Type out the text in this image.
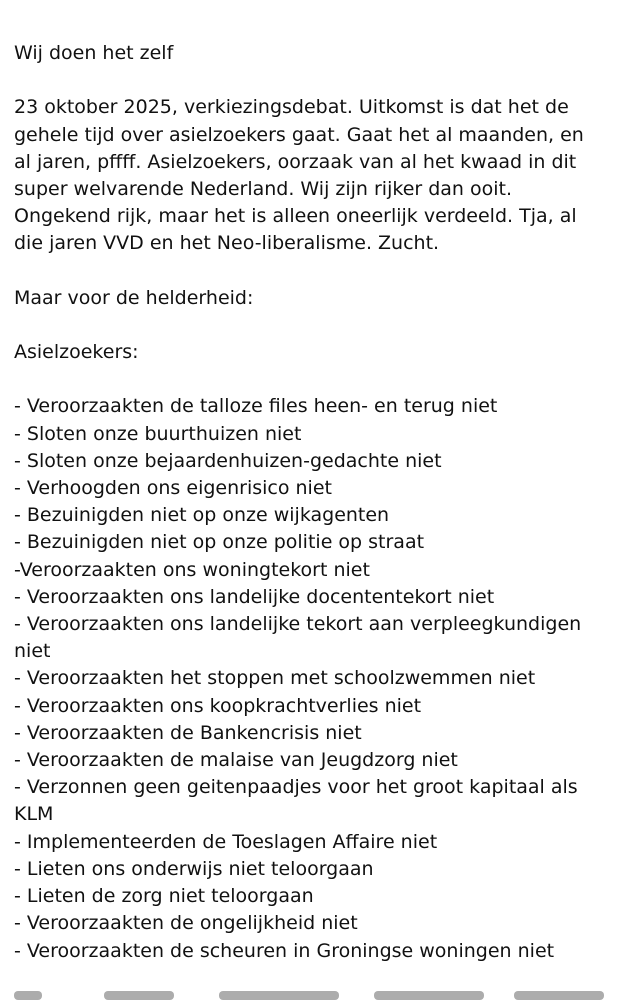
Wij doen het zelf
23 oktober 2025, verkiezingsdebat. Uitkomst is dat het de
gehele tijd over asielzoekers gaat. Gaat het al maanden, en
al jaren, pffff. Asielzoekers, oorzaak van al het kwaad in dit
super welvarende Nederland. Wij zijn rijker dan ooit.
Ongekend rijk, maar het is alleen oneerlijk verdeeld. Tja, al
die jaren VVD en het Neo-liberalisme. Zucht.
Maar voor de helderheid:
Asielzoekers:
- Veroorzaakten de talloze files heen- en terug niet
- Sloten onze buurthuizen niet
- Sloten onze bejaardenhuizen-gedachte niet
- Verhoogden ons eigenrisico niet
- Bezuinigden niet op onze wijkagenten
- Bezuinigden niet op onze politie op straat
-Veroorzaakten ons woningtekort niet
- Veroorzaakten ons landelijke docententekort niet
- Veroorzaakten ons landelijke tekort aan verpleegkundigen niet
- Veroorzaakten het stoppen met schoolzwemmen niet
- Veroorzaakten ons koopkrachtverlies niet
- Veroorzaakten de Bankencrisis niet
- Veroorzaakten de malaise van Jeugdzorg niet
- Verzonnen geen geitenpaadjes voor het groot kapitaal als KLM
- Implementeerden de Toeslagen Affaire niet
- Lieten ons onderwijs niet teloorgaan
- Lieten de zorg niet teloorgaan
- Veroorzaakten de ongelijkheid niet
- Veroorzaakten de scheuren in Groningse woningen niet
